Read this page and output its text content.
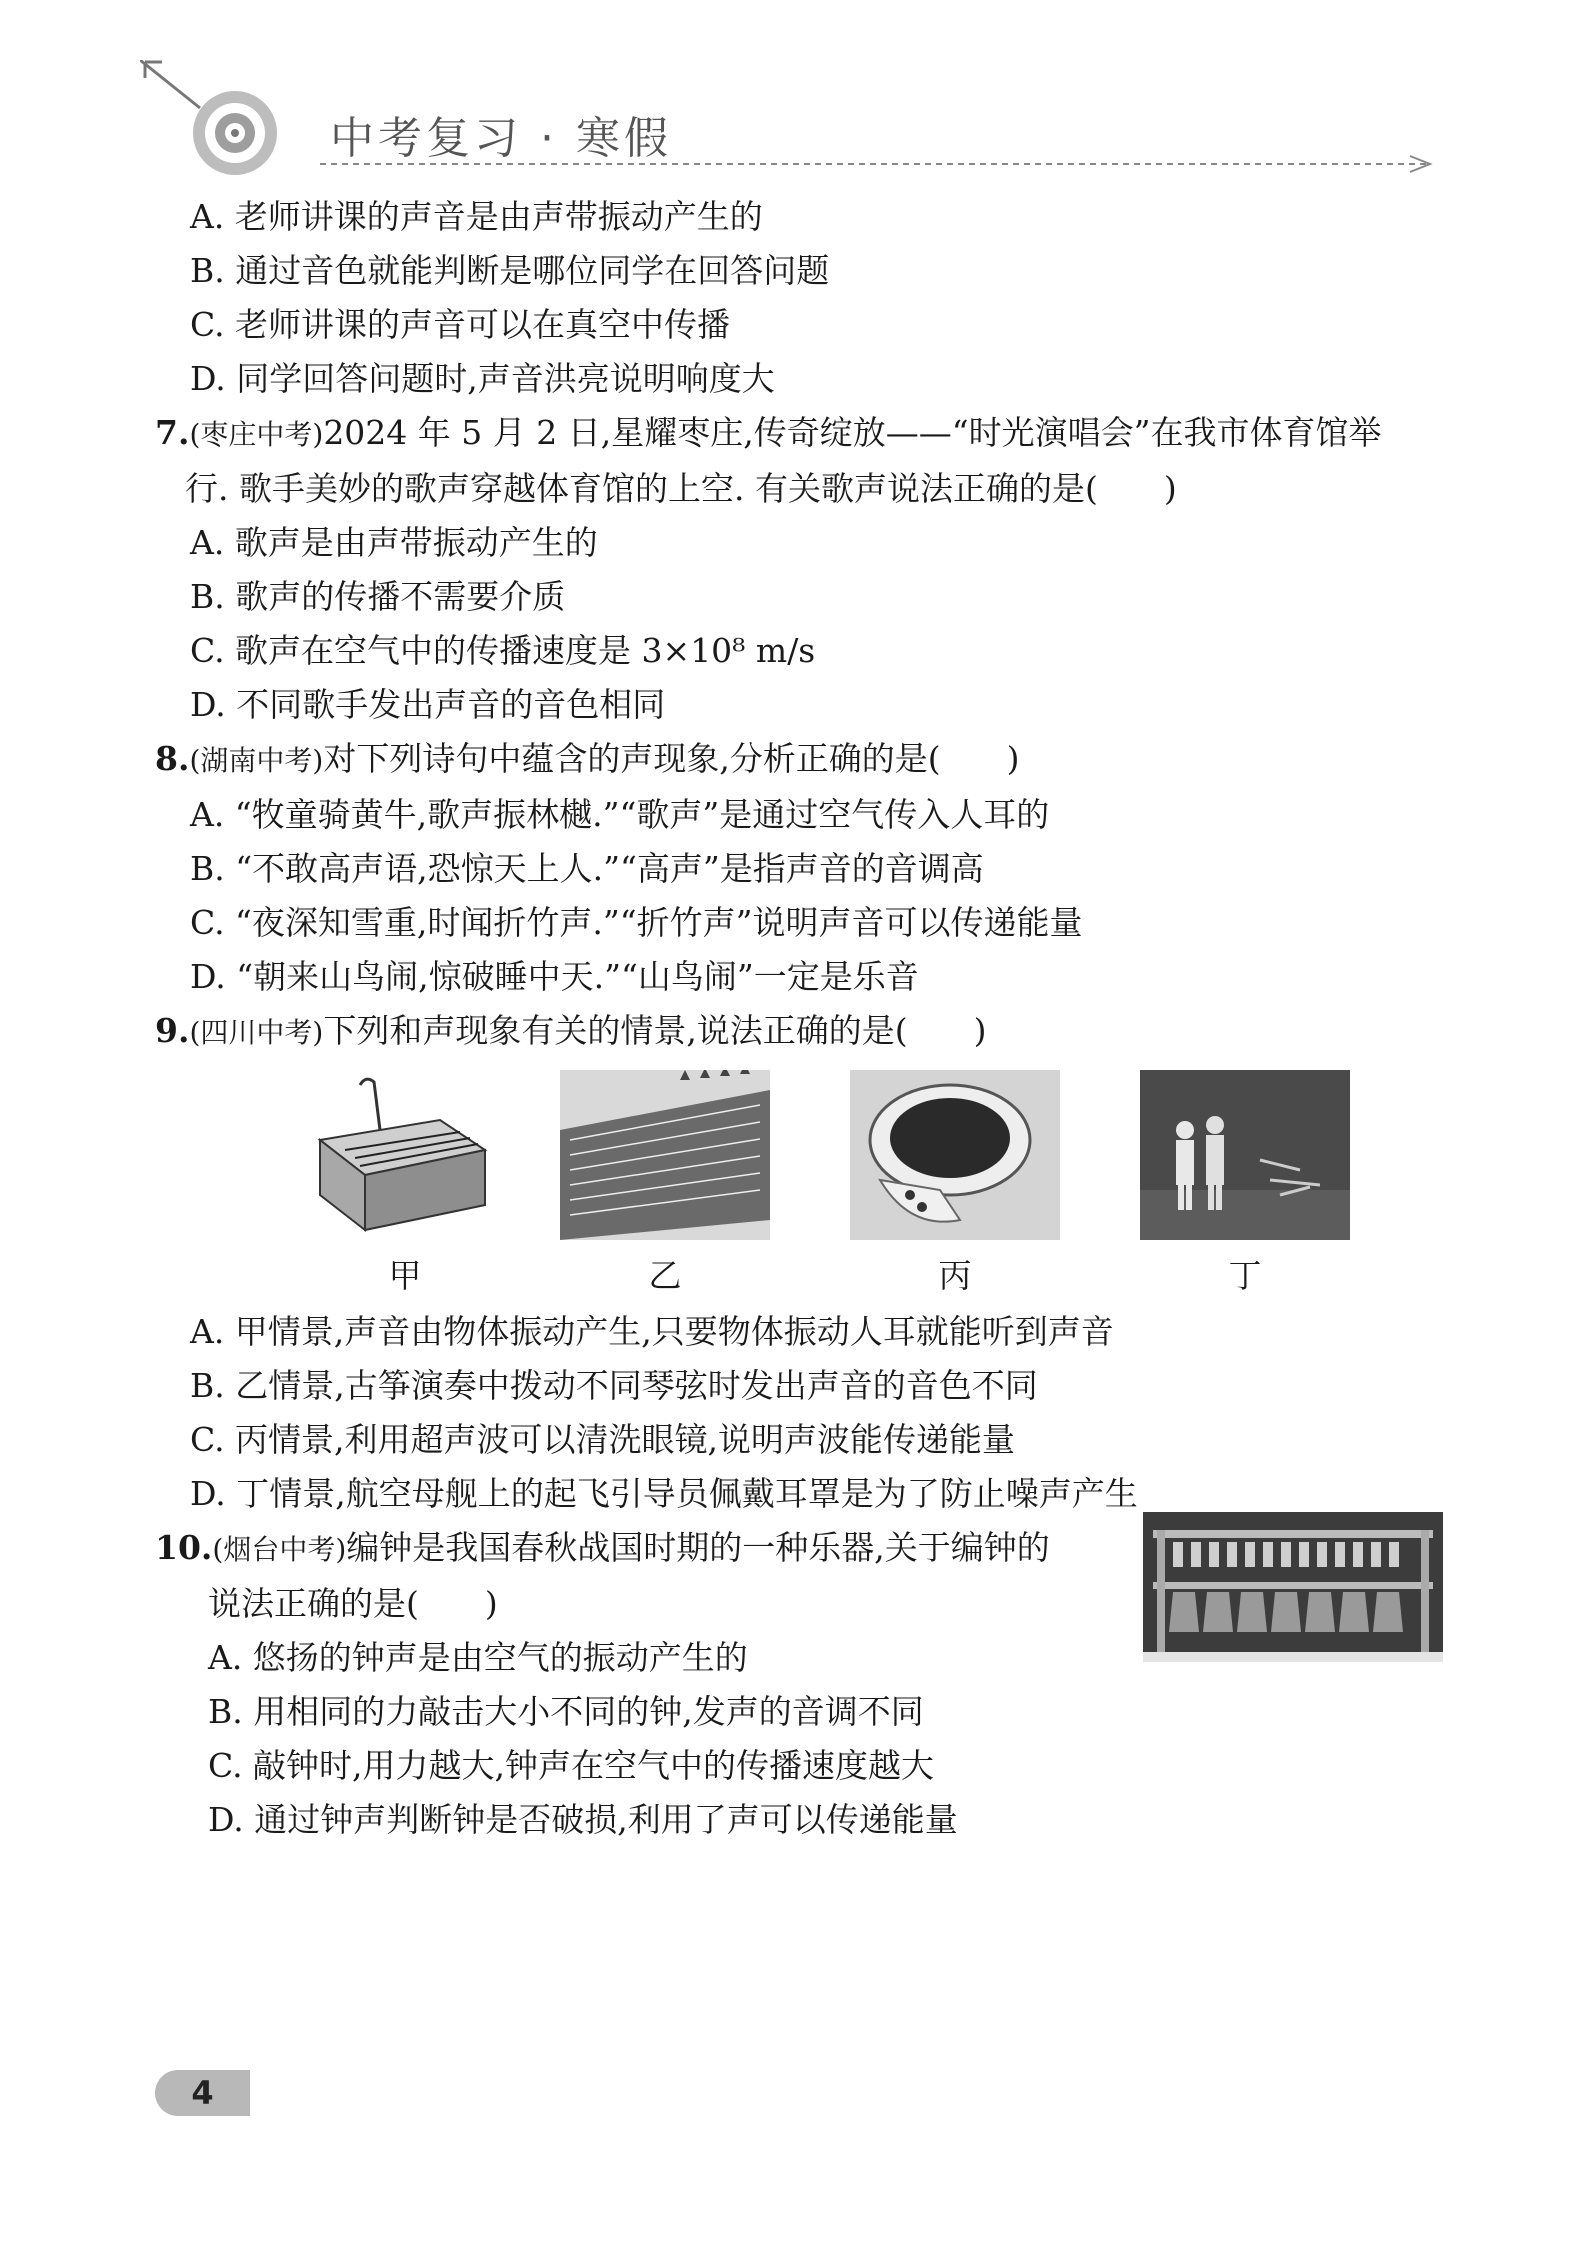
中考复习 · 寒假
A. 老师讲课的声音是由声带振动产生的
B. 通过音色就能判断是哪位同学在回答问题
C. 老师讲课的声音可以在真空中传播
D. 同学回答问题时,声音洪亮说明响度大
7.(枣庄中考)2024 年 5 月 2 日,星耀枣庄,传奇绽放——“时光演唱会”在我市体育馆举
行. 歌手美妙的歌声穿越体育馆的上空. 有关歌声说法正确的是(　　)
A. 歌声是由声带振动产生的
B. 歌声的传播不需要介质
C. 歌声在空气中的传播速度是 3×10⁸ m/s
D. 不同歌手发出声音的音色相同
8.(湖南中考)对下列诗句中蕴含的声现象,分析正确的是(　　)
A. “牧童骑黄牛,歌声振林樾.”“歌声”是通过空气传入人耳的
B. “不敢高声语,恐惊天上人.”“高声”是指声音的音调高
C. “夜深知雪重,时闻折竹声.”“折竹声”说明声音可以传递能量
D. “朝来山鸟闹,惊破睡中天.”“山鸟闹”一定是乐音
9.(四川中考)下列和声现象有关的情景,说法正确的是(　　)
甲	乙	丙	丁
A. 甲情景,声音由物体振动产生,只要物体振动人耳就能听到声音
B. 乙情景,古筝演奏中拨动不同琴弦时发出声音的音色不同
C. 丙情景,利用超声波可以清洗眼镜,说明声波能传递能量
D. 丁情景,航空母舰上的起飞引导员佩戴耳罩是为了防止噪声产生
10.(烟台中考)编钟是我国春秋战国时期的一种乐器,关于编钟的
说法正确的是(　　)
A. 悠扬的钟声是由空气的振动产生的
B. 用相同的力敲击大小不同的钟,发声的音调不同
C. 敲钟时,用力越大,钟声在空气中的传播速度越大
D. 通过钟声判断钟是否破损,利用了声可以传递能量
4
